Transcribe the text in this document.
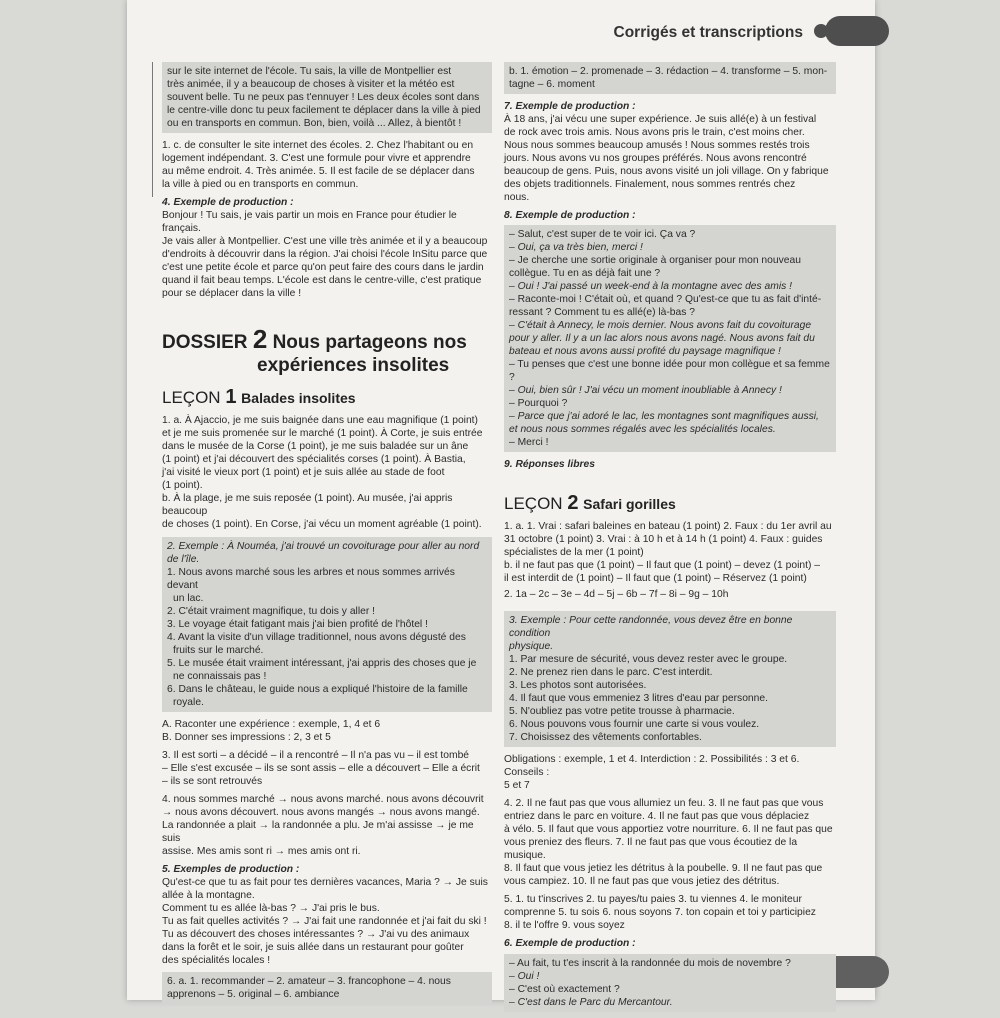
Corrigés et transcriptions

sur le site internet de l'école. Tu sais, la ville de Montpellier est

très animée, il y a beaucoup de choses à visiter et la météo est

souvent belle. Tu ne peux pas t'ennuyer ! Les deux écoles sont dans

le centre-ville donc tu peux facilement te déplacer dans la ville à pied

ou en transports en commun. Bon, bien, voilà ... Allez, à bientôt !

1. c. de consulter le site internet des écoles. 2. Chez l'habitant ou en

logement indépendant. 3. C'est une formule pour vivre et apprendre

au même endroit. 4. Très animée. 5. Il est facile de se déplacer dans

la ville à pied ou en transports en commun.

4. Exemple de production :

Bonjour ! Tu sais, je vais partir un mois en France pour étudier le français.

Je vais aller à Montpellier. C'est une ville très animée et il y a beaucoup

d'endroits à découvrir dans la région. J'ai choisi l'école InSitu parce que

c'est une petite école et parce qu'on peut faire des cours dans le jardin

quand il fait beau temps. L'école est dans le centre-ville, c'est pratique

pour se déplacer dans la ville !

DOSSIER 2 Nous partageons nos
expériences insolites
LEÇON 1 Balades insolites

1. a. À Ajaccio, je me suis baignée dans une eau magnifique (1 point)

et je me suis promenée sur le marché (1 point). À Corte, je suis entrée

dans le musée de la Corse (1 point), je me suis baladée sur un âne

(1 point) et j'ai découvert des spécialités corses (1 point). À Bastia,

j'ai visité le vieux port (1 point) et je suis allée au stade de foot

(1 point).

b. À la plage, je me suis reposée (1 point). Au musée, j'ai appris beaucoup

de choses (1 point). En Corse, j'ai vécu un moment agréable (1 point).

2. Exemple : À Nouméa, j'ai trouvé un covoiturage pour aller au nord

de l'île.

1. Nous avons marché sous les arbres et nous sommes arrivés devant

un lac.

2. C'était vraiment magnifique, tu dois y aller !

3. Le voyage était fatigant mais j'ai bien profité de l'hôtel !

4. Avant la visite d'un village traditionnel, nous avons dégusté des

fruits sur le marché.

5. Le musée était vraiment intéressant, j'ai appris des choses que je

ne connaissais pas !

6. Dans le château, le guide nous a expliqué l'histoire de la famille

royale.

A. Raconter une expérience : exemple, 1, 4 et 6

B. Donner ses impressions : 2, 3 et 5

3. Il est sorti – a décidé – il a rencontré – Il n'a pas vu – il est tombé

– Elle s'est excusée – ils se sont assis – elle a découvert – Elle a écrit

– ils se sont retrouvés

4. nous sommes marché → nous avons marché. nous avons découvrit

→ nous avons découvert. nous avons mangés → nous avons mangé.

La randonnée a plait → la randonnée a plu. Je m'ai assisse → je me suis

assise. Mes amis sont ri → mes amis ont ri.

5. Exemples de production :

Qu'est-ce que tu as fait pour tes dernières vacances, Maria ? → Je suis

allée à la montagne.

Comment tu es allée là-bas ? → J'ai pris le bus.

Tu as fait quelles activités ? → J'ai fait une randonnée et j'ai fait du ski !

Tu as découvert des choses intéressantes ? → J'ai vu des animaux

dans la forêt et le soir, je suis allée dans un restaurant pour goûter

des spécialités locales !

6. a. 1. recommander – 2. amateur – 3. francophone – 4. nous

apprenons – 5. original – 6. ambiance

b. 1. émotion – 2. promenade – 3. rédaction – 4. transforme – 5. mon-

tagne – 6. moment

7. Exemple de production :

À 18 ans, j'ai vécu une super expérience. Je suis allé(e) à un festival

de rock avec trois amis. Nous avons pris le train, c'est moins cher.

Nous nous sommes beaucoup amusés ! Nous sommes restés trois

jours. Nous avons vu nos groupes préférés. Nous avons rencontré

beaucoup de gens. Puis, nous avons visité un joli village. On y fabrique

des objets traditionnels. Finalement, nous sommes rentrés chez

nous.

8. Exemple de production :

– Salut, c'est super de te voir ici. Ça va ?

– Oui, ça va très bien, merci !

– Je cherche une sortie originale à organiser pour mon nouveau

collègue. Tu en as déjà fait une ?

– Oui ! J'ai passé un week-end à la montagne avec des amis !

– Raconte-moi ! C'était où, et quand ? Qu'est-ce que tu as fait d'inté-

ressant ? Comment tu es allé(e) là-bas ?

– C'était à Annecy, le mois dernier. Nous avons fait du covoiturage

pour y aller. Il y a un lac alors nous avons nagé. Nous avons fait du

bateau et nous avons aussi profité du paysage magnifique !

– Tu penses que c'est une bonne idée pour mon collègue et sa femme ?

– Oui, bien sûr ! J'ai vécu un moment inoubliable à Annecy !

– Pourquoi ?

– Parce que j'ai adoré le lac, les montagnes sont magnifiques aussi,

et nous nous sommes régalés avec les spécialités locales.

– Merci !

9. Réponses libres

LEÇON 2 Safari gorilles

1. a. 1. Vrai : safari baleines en bateau (1 point) 2. Faux : du 1er avril au

31 octobre (1 point) 3. Vrai : à 10 h et à 14 h (1 point) 4. Faux : guides

spécialistes de la mer (1 point)

b. il ne faut pas que (1 point) – Il faut que (1 point) – devez (1 point) –

il est interdit de (1 point) – Il faut que (1 point) – Réservez (1 point)

2. 1a – 2c – 3e – 4d – 5j – 6b – 7f – 8i – 9g – 10h

3. Exemple : Pour cette randonnée, vous devez être en bonne condition

physique.

1. Par mesure de sécurité, vous devez rester avec le groupe.

2. Ne prenez rien dans le parc. C'est interdit.

3. Les photos sont autorisées.

4. Il faut que vous emmeniez 3 litres d'eau par personne.

5. N'oubliez pas votre petite trousse à pharmacie.

6. Nous pouvons vous fournir une carte si vous voulez.

7. Choisissez des vêtements confortables.

Obligations : exemple, 1 et 4. Interdiction : 2. Possibilités : 3 et 6. Conseils :

5 et 7

4. 2. Il ne faut pas que vous allumiez un feu. 3. Il ne faut pas que vous

entriez dans le parc en voiture. 4. Il ne faut pas que vous déplaciez

à vélo. 5. Il faut que vous apportiez votre nourriture. 6. Il ne faut pas que

vous preniez des fleurs. 7. Il ne faut pas que vous écoutiez de la musique.

8. Il faut que vous jetiez les détritus à la poubelle. 9. Il ne faut pas que

vous campiez. 10. Il ne faut pas que vous jetiez des détritus.

5. 1. tu t'inscrives 2. tu payes/tu paies 3. tu viennes 4. le moniteur

comprenne 5. tu sois 6. nous soyons 7. ton copain et toi y participiez

8. il te l'offre 9. vous soyez

6. Exemple de production :

– Au fait, tu t'es inscrit à la randonnée du mois de novembre ?

– Oui !

– C'est où exactement ?

– C'est dans le Parc du Mercantour.
